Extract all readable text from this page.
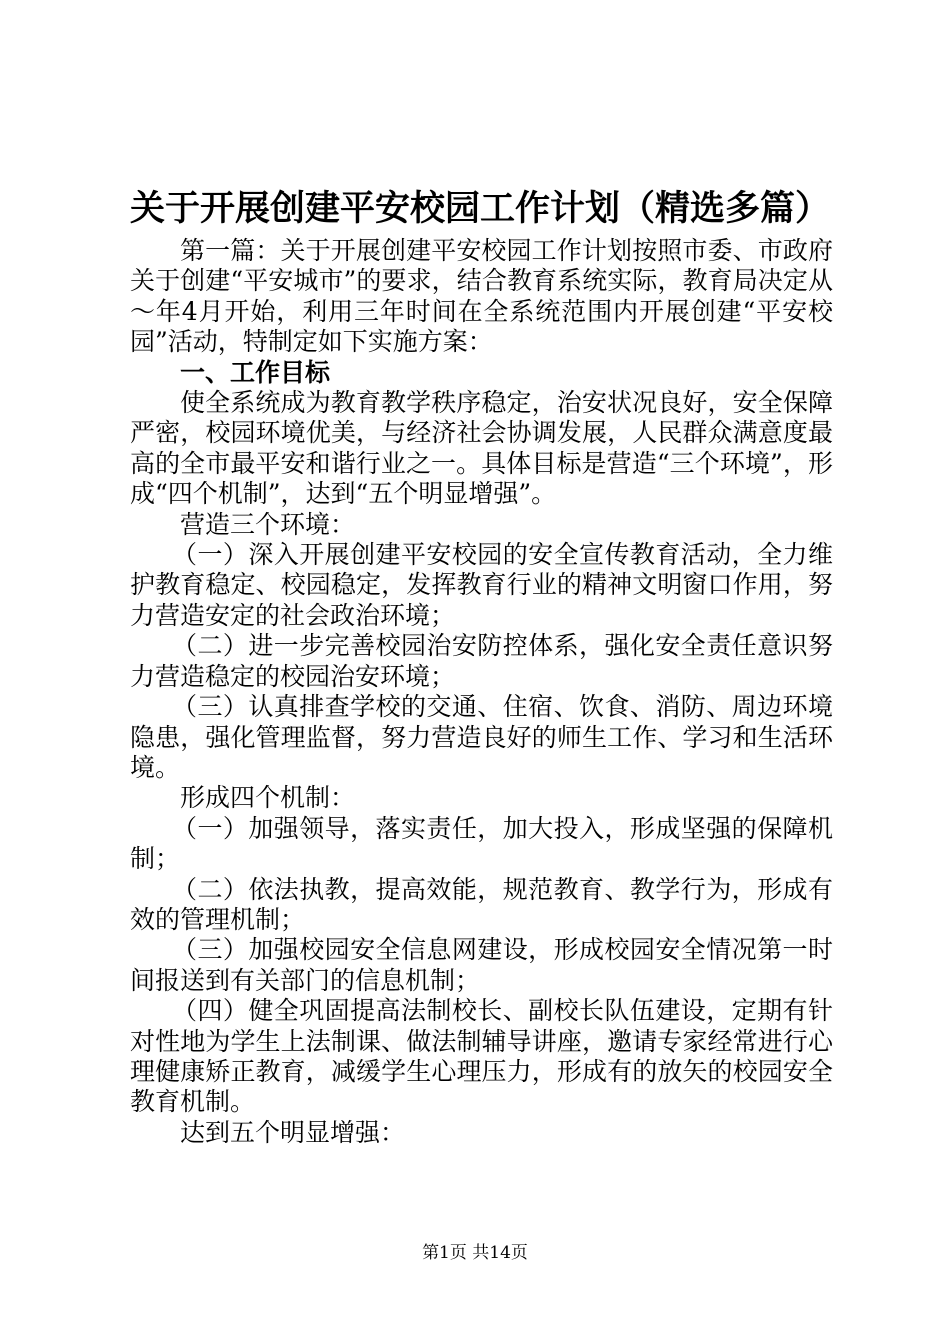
关于开展创建平安校园工作计划（精选多篇）

第一篇：关于开展创建平安校园工作计划按照市委、市政府关于创建“平安城市”的要求，结合教育系统实际，教育局决定从～年4月开始，利用三年时间在全系统范围内开展创建“平安校园”活动，特制定如下实施方案：

一、工作目标

使全系统成为教育教学秩序稳定，治安状况良好，安全保障严密，校园环境优美，与经济社会协调发展，人民群众满意度最高的全市最平安和谐行业之一。具体目标是营造“三个环境”，形成“四个机制”，达到“五个明显增强”。

营造三个环境：

（一）深入开展创建平安校园的安全宣传教育活动，全力维护教育稳定、校园稳定，发挥教育行业的精神文明窗口作用，努力营造安定的社会政治环境；

（二）进一步完善校园治安防控体系，强化安全责任意识努力营造稳定的校园治安环境；

（三）认真排查学校的交通、住宿、饮食、消防、周边环境隐患，强化管理监督，努力营造良好的师生工作、学习和生活环境。

形成四个机制：

（一）加强领导，落实责任，加大投入，形成坚强的保障机制；

（二）依法执教，提高效能，规范教育、教学行为，形成有效的管理机制；

（三）加强校园安全信息网建设，形成校园安全情况第一时间报送到有关部门的信息机制；

（四）健全巩固提高法制校长、副校长队伍建设，定期有针对性地为学生上法制课、做法制辅导讲座，邀请专家经常进行心理健康矫正教育，减缓学生心理压力，形成有的放矢的校园安全教育机制。

达到五个明显增强：

第1页 共14页
